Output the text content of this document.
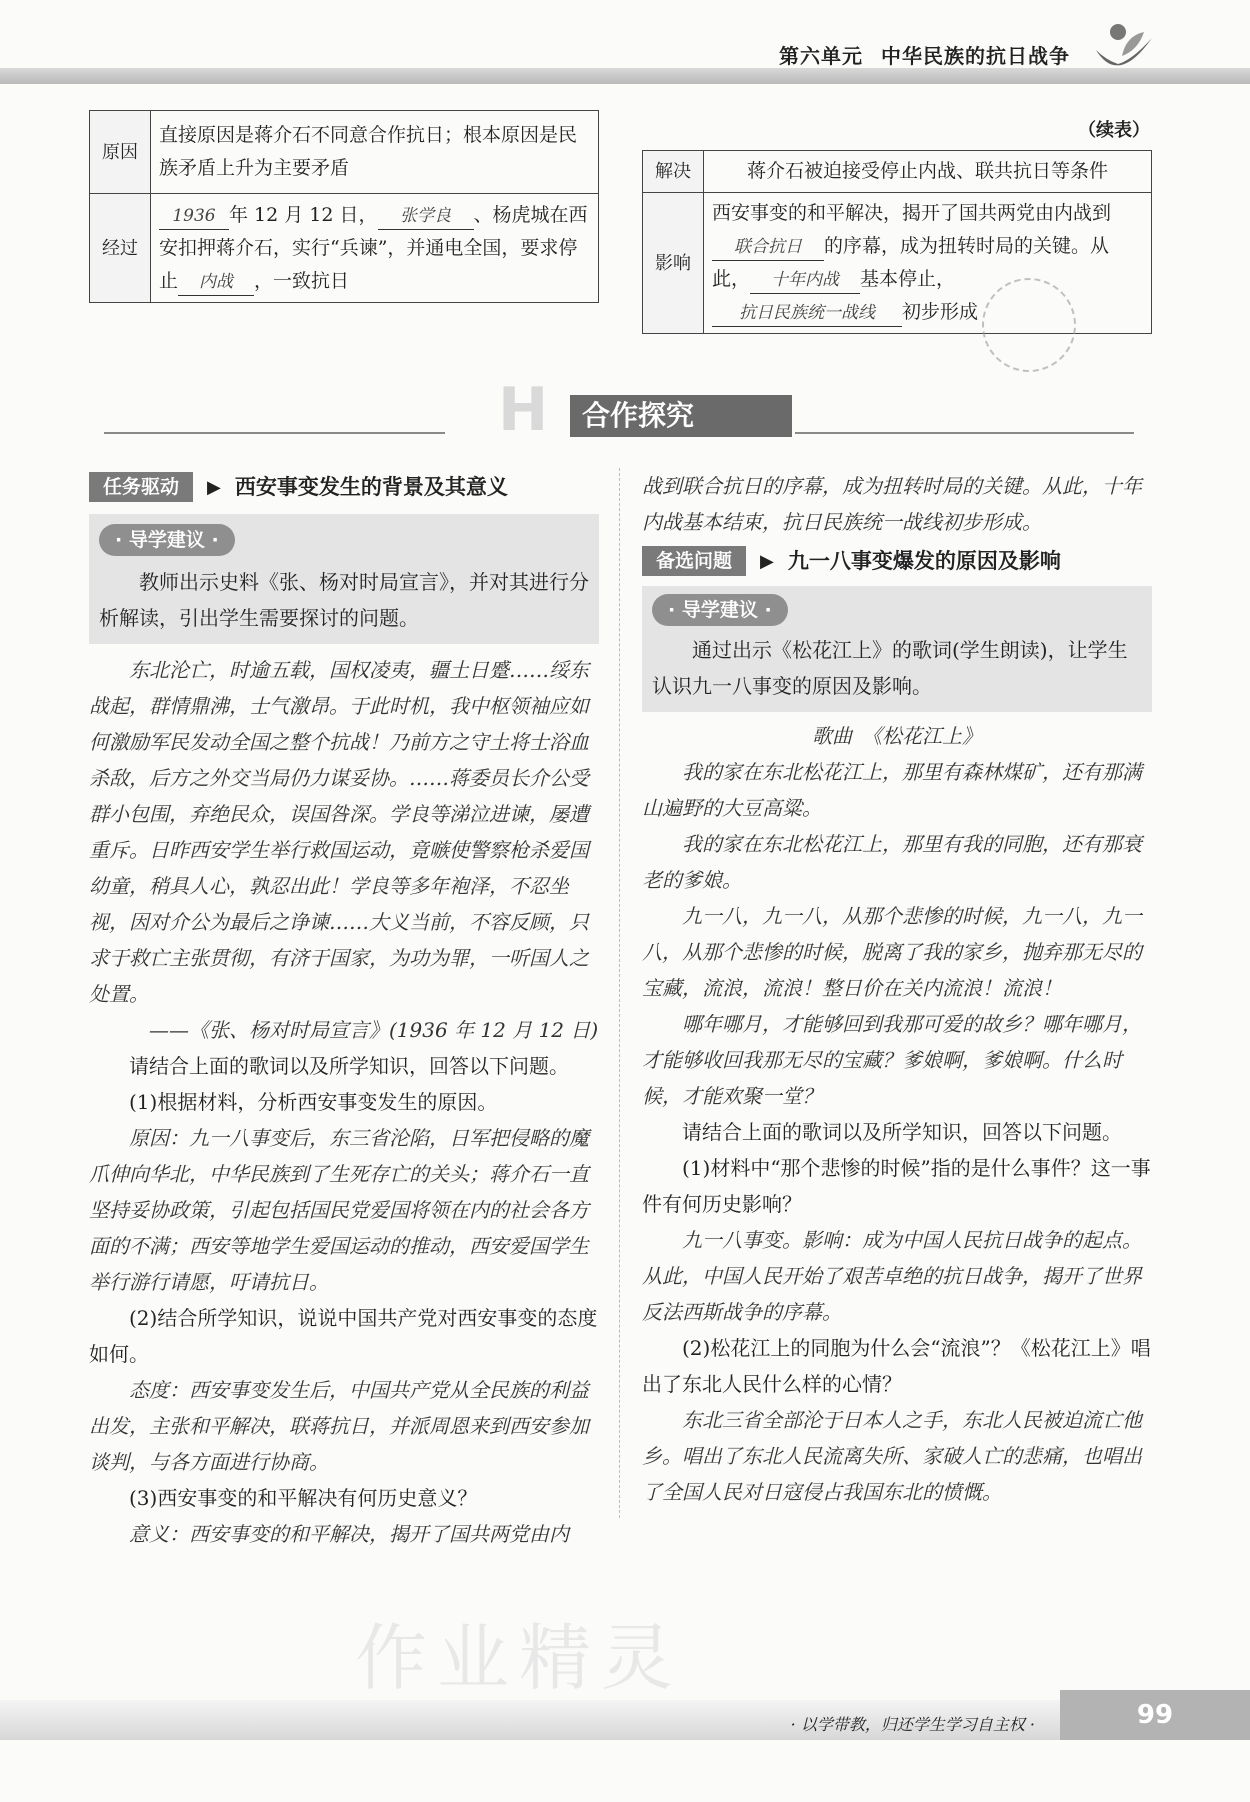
第六单元 中华民族的抗日战争
原因	直接原因是蒋介石不同意合作抗日；根本原因是民族矛盾上升为主要矛盾
经过	1936 年 12 月 12 日， 张学良 、杨虎城在西安扣押蒋介石，实行“兵谏”，并通电全国，要求停止 内战 ，一致抗日
（续表）
解决	蒋介石被迫接受停止内战、联共抗日等条件
影响	西安事变的和平解决，揭开了国共两党由内战到联合抗日 的序幕，成为扭转时局的关键。从此， 十年内战 基本停止，抗日民族统一战线 初步形成
H	合作探究
任务驱动	▶ 西安事变发生的背景及其意义
· 导学建议 ·

教师出示史料《张、杨对时局宣言》，并对其进行分析解读，引出学生需要探讨的问题。

东北沦亡，时逾五载，国权凌夷，疆土日蹙……绥东战起，群情鼎沸，士气激昂。于此时机，我中枢领袖应如何激励军民发动全国之整个抗战！乃前方之守土将士浴血杀敌，后方之外交当局仍力谋妥协。……蒋委员长介公受群小包围，弃绝民众，误国咎深。学良等涕泣进谏，屡遭重斥。日昨西安学生举行救国运动，竟嗾使警察枪杀爱国幼童，稍具人心，孰忍出此！学良等多年袍泽，不忍坐视，因对介公为最后之诤谏……大义当前，不容反顾，只求于救亡主张贯彻，有济于国家，为功为罪，一听国人之处置。

——《张、杨对时局宣言》(1936 年 12 月 12 日)

请结合上面的歌词以及所学知识，回答以下问题。

(1)根据材料，分析西安事变发生的原因。

原因：九一八事变后，东三省沦陷，日军把侵略的魔爪伸向华北，中华民族到了生死存亡的关头；蒋介石一直坚持妥协政策，引起包括国民党爱国将领在内的社会各方面的不满；西安等地学生爱国运动的推动，西安爱国学生举行游行请愿，吁请抗日。

(2)结合所学知识，说说中国共产党对西安事变的态度如何。

态度：西安事变发生后，中国共产党从全民族的利益出发，主张和平解决，联蒋抗日，并派周恩来到西安参加谈判，与各方面进行协商。

(3)西安事变的和平解决有何历史意义？

意义：西安事变的和平解决，揭开了国共两党由内

战到联合抗日的序幕，成为扭转时局的关键。从此，十年内战基本结束，抗日民族统一战线初步形成。

备选问题	▶ 九一八事变爆发的原因及影响
· 导学建议 ·

通过出示《松花江上》的歌词(学生朗读)，让学生认识九一八事变的原因及影响。

歌曲　《松花江上》

我的家在东北松花江上，那里有森林煤矿，还有那满山遍野的大豆高粱。

我的家在东北松花江上，那里有我的同胞，还有那衰老的爹娘。

九一八，九一八，从那个悲惨的时候，九一八，九一八，从那个悲惨的时候，脱离了我的家乡，抛弃那无尽的宝藏，流浪，流浪！整日价在关内流浪！流浪！

哪年哪月，才能够回到我那可爱的故乡？哪年哪月，才能够收回我那无尽的宝藏？爹娘啊，爹娘啊。什么时候，才能欢聚一堂？

请结合上面的歌词以及所学知识，回答以下问题。

(1)材料中“那个悲惨的时候”指的是什么事件？这一事件有何历史影响？

九一八事变。影响：成为中国人民抗日战争的起点。从此，中国人民开始了艰苦卓绝的抗日战争，揭开了世界反法西斯战争的序幕。

(2)松花江上的同胞为什么会“流浪”？《松花江上》唱出了东北人民什么样的心情？

东北三省全部沦于日本人之手，东北人民被迫流亡他乡。唱出了东北人民流离失所、家破人亡的悲痛，也唱出了全国人民对日寇侵占我国东北的愤慨。

作业精灵
· 以学带教，归还学生学习自主权 ·	99
